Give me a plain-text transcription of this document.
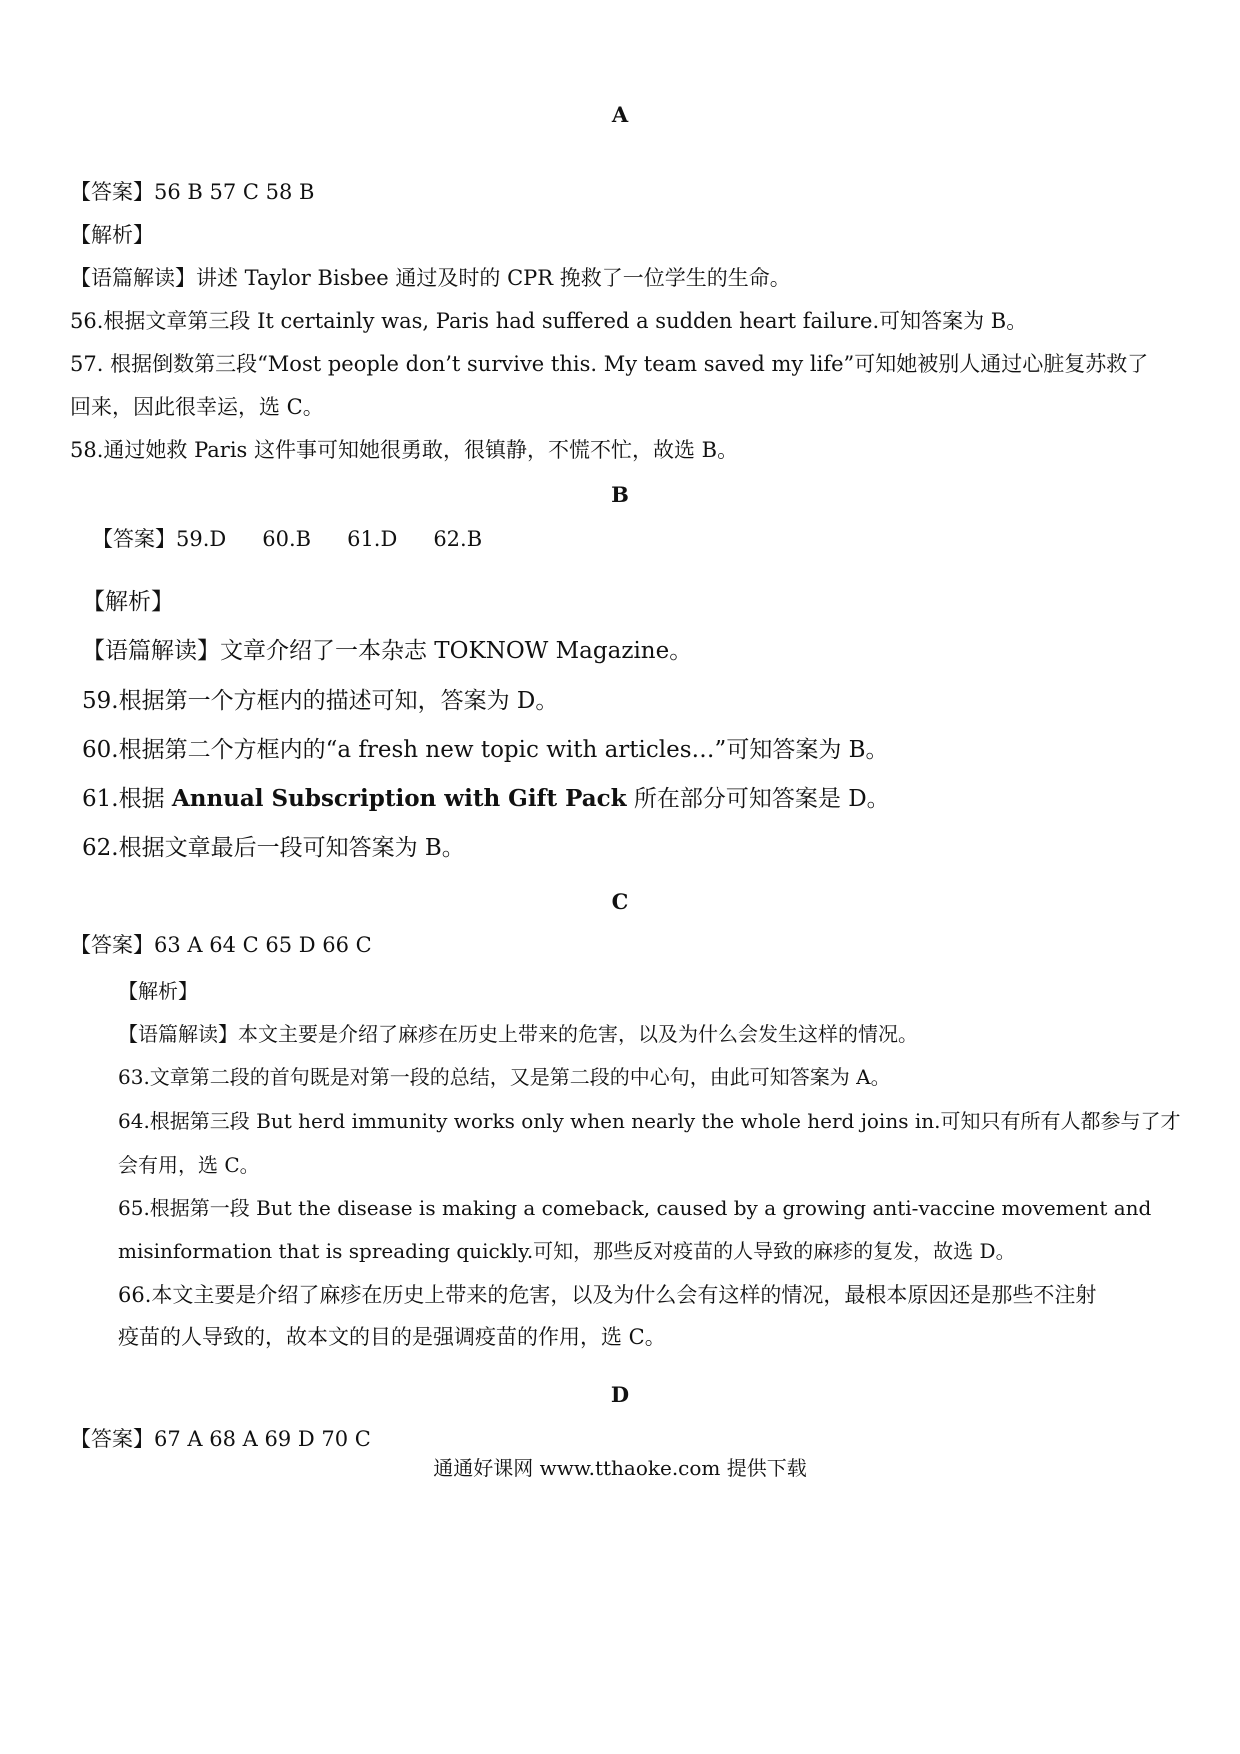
A
【答案】56 B 57 C 58 B
【解析】
【语篇解读】讲述 Taylor Bisbee 通过及时的 CPR 挽救了一位学生的生命。
56.根据文章第三段 It certainly was, Paris had suffered a sudden heart failure.可知答案为 B。
57. 根据倒数第三段“Most people don’t survive this. My team saved my life”可知她被别人通过心脏复苏救了
回来，因此很幸运，选 C。
58.通过她救 Paris 这件事可知她很勇敢，很镇静，不慌不忙，故选 B。
B
【答案】59.D 60.B 61.D 62.B
【解析】
【语篇解读】文章介绍了一本杂志 TOKNOW Magazine。
59.根据第一个方框内的描述可知，答案为 D。
60.根据第二个方框内的“a fresh new topic with articles…”可知答案为 B。
61.根据 Annual Subscription with Gift Pack 所在部分可知答案是 D。
62.根据文章最后一段可知答案为 B。
C
【答案】63 A 64 C 65 D 66 C
【解析】
【语篇解读】本文主要是介绍了麻疹在历史上带来的危害，以及为什么会发生这样的情况。
63.文章第二段的首句既是对第一段的总结，又是第二段的中心句，由此可知答案为 A。
64.根据第三段 But herd immunity works only when nearly the whole herd joins in.可知只有所有人都参与了才
会有用，选 C。
65.根据第一段 But the disease is making a comeback, caused by a growing anti-vaccine movement and
misinformation that is spreading quickly.可知，那些反对疫苗的人导致的麻疹的复发，故选 D。
66.本文主要是介绍了麻疹在历史上带来的危害，以及为什么会有这样的情况，最根本原因还是那些不注射
疫苗的人导致的，故本文的目的是强调疫苗的作用，选 C。
D
【答案】67 A 68 A 69 D 70 C
通通好课网 www.tthaoke.com 提供下载
